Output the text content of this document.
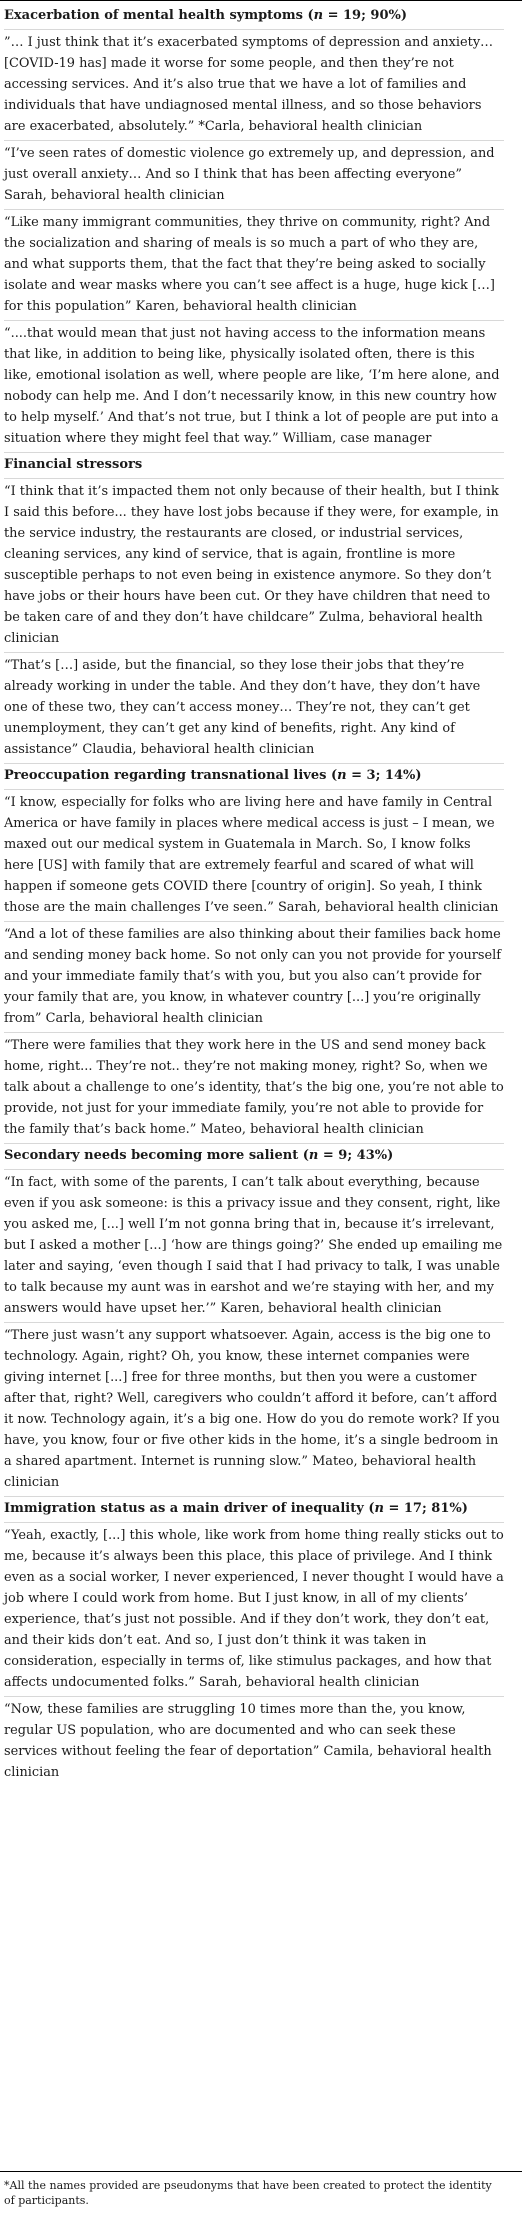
Exacerbation of mental health symptoms (n = 19; 90%)
”… I just think that it’s exacerbated symptoms of depression and anxiety… [COVID-19 has] made it worse for some people, and then they’re not accessing services. And it’s also true that we have a lot of families and individuals that have undiagnosed mental illness, and so those behaviors are exacerbated, absolutely.” *Carla, behavioral health clinician
“I’ve seen rates of domestic violence go extremely up, and depression, and just overall anxiety… And so I think that has been affecting everyone” Sarah, behavioral health clinician
“Like many immigrant communities, they thrive on community, right? And the socialization and sharing of meals is so much a part of who they are, and what supports them, that the fact that they’re being asked to socially isolate and wear masks where you can’t see affect is a huge, huge kick […] for this population” Karen, behavioral health clinician
“....that would mean that just not having access to the information means that like, in addition to being like, physically isolated often, there is this like, emotional isolation as well, where people are like, ‘I’m here alone, and nobody can help me. And I don’t necessarily know, in this new country how to help myself.’ And that’s not true, but I think a lot of people are put into a situation where they might feel that way.” William, case manager
Financial stressors
“I think that it’s impacted them not only because of their health, but I think I said this before... they have lost jobs because if they were, for example, in the service industry, the restaurants are closed, or industrial services, cleaning services, any kind of service, that is again, frontline is more susceptible perhaps to not even being in existence anymore. So they don’t have jobs or their hours have been cut. Or they have children that need to be taken care of and they don’t have childcare” Zulma, behavioral health clinician
“That’s […] aside, but the financial, so they lose their jobs that they’re already working in under the table. And they don’t have, they don’t have one of these two, they can’t access money… They’re not, they can’t get unemployment, they can’t get any kind of benefits, right. Any kind of assistance” Claudia, behavioral health clinician
Preoccupation regarding transnational lives (n = 3; 14%)
“I know, especially for folks who are living here and have family in Central America or have family in places where medical access is just – I mean, we maxed out our medical system in Guatemala in March. So, I know folks here [US] with family that are extremely fearful and scared of what will happen if someone gets COVID there [country of origin]. So yeah, I think those are the main challenges I’ve seen.” Sarah, behavioral health clinician
“And a lot of these families are also thinking about their families back home and sending money back home. So not only can you not provide for yourself and your immediate family that’s with you, but you also can’t provide for your family that are, you know, in whatever country [...] you’re originally from” Carla, behavioral health clinician
“There were families that they work here in the US and send money back home, right... They’re not.. they’re not making money, right? So, when we talk about a challenge to one’s identity, that’s the big one, you’re not able to provide, not just for your immediate family, you’re not able to provide for the family that’s back home.” Mateo, behavioral health clinician
Secondary needs becoming more salient (n = 9; 43%)
“In fact, with some of the parents, I can’t talk about everything, because even if you ask someone: is this a privacy issue and they consent, right, like you asked me, [...] well I’m not gonna bring that in, because it’s irrelevant, but I asked a mother [...] ‘how are things going?’ She ended up emailing me later and saying, ‘even though I said that I had privacy to talk, I was unable to talk because my aunt was in earshot and we’re staying with her, and my answers would have upset her.’” Karen, behavioral health clinician
“There just wasn’t any support whatsoever. Again, access is the big one to technology. Again, right? Oh, you know, these internet companies were giving internet [...] free for three months, but then you were a customer after that, right? Well, caregivers who couldn’t afford it before, can’t afford it now. Technology again, it’s a big one. How do you do remote work? If you have, you know, four or five other kids in the home, it’s a single bedroom in a shared apartment. Internet is running slow.” Mateo, behavioral health clinician
Immigration status as a main driver of inequality (n = 17; 81%)
“Yeah, exactly, [...] this whole, like work from home thing really sticks out to me, because it’s always been this place, this place of privilege. And I think even as a social worker, I never experienced, I never thought I would have a job where I could work from home. But I just know, in all of my clients’ experience, that’s just not possible. And if they don’t work, they don’t eat, and their kids don’t eat. And so, I just don’t think it was taken in consideration, especially in terms of, like stimulus packages, and how that affects undocumented folks.” Sarah, behavioral health clinician
“Now, these families are struggling 10 times more than the, you know, regular US population, who are documented and who can seek these services without feeling the fear of deportation” Camila, behavioral health clinician
*All the names provided are pseudonyms that have been created to protect the identity of participants.
